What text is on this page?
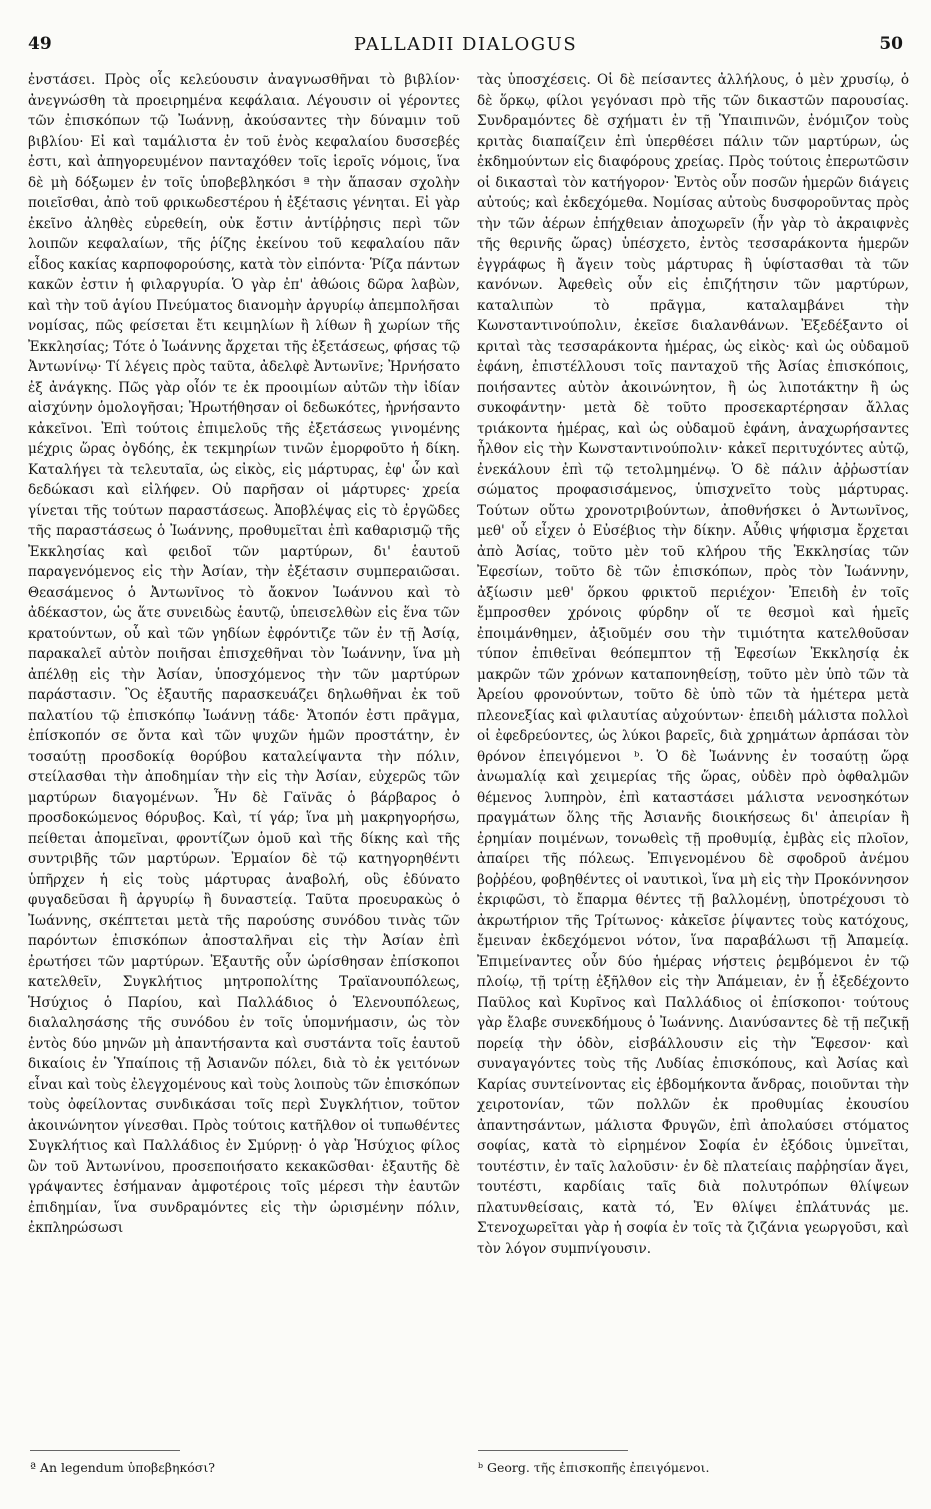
49	PALLADII DIALOGUS	50

ἐνστάσει. Πρὸς οἷς κελεύουσιν ἀναγνωσθῆναι τὸ βιβλίον· ἀνεγνώσθη τὰ προειρημένα κεφάλαια. Λέγουσιν οἱ γέροντες τῶν ἐπισκόπων τῷ Ἰωάννῃ, ἀκούσαντες τὴν δύναμιν τοῦ βιβλίου· Εἰ καὶ ταμάλιστα ἐν τοῦ ἑνὸς κεφαλαίου δυσσεβές ἐστι, καὶ ἀπηγορευμένον πανταχόθεν τοῖς ἱεροῖς νόμοις, ἵνα δὲ μὴ δόξωμεν ἐν τοῖς ὑποβεβληκόσι ª τὴν ἅπασαν σχολὴν ποιεῖσθαι, ἀπὸ τοῦ φρικωδεστέρου ἡ ἐξέτασις γένηται. Εἰ γὰρ ἐκεῖνο ἀληθὲς εὑρεθείη, οὐκ ἔστιν ἀντίῤῥησις περὶ τῶν λοιπῶν κεφαλαίων, τῆς ῥίζης ἐκείνου τοῦ κεφαλαίου πᾶν εἶδος κακίας καρποφορούσης, κατὰ τὸν εἰπόντα· Ῥίζα πάντων κακῶν ἐστιν ἡ φιλαργυρία. Ὁ γὰρ ἐπ' ἀθώοις δῶρα λαβὼν, καὶ τὴν τοῦ ἁγίου Πνεύματος διανομὴν ἀργυρίῳ ἀπεμπολῆσαι νομίσας, πῶς φείσεται ἔτι κειμηλίων ἢ λίθων ἢ χωρίων τῆς Ἐκκλησίας; Τότε ὁ Ἰωάννης ἄρχεται τῆς ἐξετάσεως, φήσας τῷ Ἀντωνίνῳ· Τί λέγεις πρὸς ταῦτα, ἀδελφὲ Ἀντωνῖνε; Ἠρνήσατο ἐξ ἀνάγκης. Πῶς γὰρ οἷόν τε ἐκ προοιμίων αὐτῶν τὴν ἰδίαν αἰσχύνην ὁμολογῆσαι; Ἠρωτήθησαν οἱ δεδωκότες, ἠρνήσαντο κἀκεῖνοι. Ἐπὶ τούτοις ἐπιμελοῦς τῆς ἐξετάσεως γινομένης μέχρις ὥρας ὀγδόης, ἐκ τεκμηρίων τινῶν ἐμορφοῦτο ἡ δίκη. Καταλήγει τὰ τελευταῖα, ὡς εἰκὸς, εἰς μάρτυρας, ἐφ' ὧν καὶ δεδώκασι καὶ εἰλήφεν. Οὐ παρῆσαν οἱ μάρτυρες· χρεία γίνεται τῆς τούτων παραστάσεως. Ἀποβλέψας εἰς τὸ ἐργῶδες τῆς παραστάσεως ὁ Ἰωάννης, προθυμεῖται ἐπὶ καθαρισμῷ τῆς Ἐκκλησίας καὶ φειδοῖ τῶν μαρτύρων, δι' ἑαυτοῦ παραγενόμενος εἰς τὴν Ἀσίαν, τὴν ἐξέτασιν συμπεραιῶσαι. Θεασάμενος ὁ Ἀντωνῖνος τὸ ἄοκνον Ἰωάννου καὶ τὸ ἀδέκαστον, ὡς ἅτε συνειδὼς ἑαυτῷ, ὑπεισελθὼν εἰς ἕνα τῶν κρατούντων, οὗ καὶ τῶν γηδίων ἐφρόντιζε τῶν ἐν τῇ Ἀσίᾳ, παρακαλεῖ αὐτὸν ποιῆσαι ἐπισχεθῆναι τὸν Ἰωάννην, ἵνα μὴ ἀπέλθῃ εἰς τὴν Ἀσίαν, ὑποσχόμενος τὴν τῶν μαρτύρων παράστασιν. Ὃς ἐξαυτῆς παρασκευάζει δηλωθῆναι ἐκ τοῦ παλατίου τῷ ἐπισκόπῳ Ἰωάννῃ τάδε· Ἄτοπόν ἐστι πρᾶγμα, ἐπίσκοπόν σε ὄντα καὶ τῶν ψυχῶν ἡμῶν προστάτην, ἐν τοσαύτῃ προσδοκίᾳ θορύβου καταλείψαντα τὴν πόλιν, στείλασθαι τὴν ἀποδημίαν τὴν εἰς τὴν Ἀσίαν, εὐχερῶς τῶν μαρτύρων διαγομένων. Ἦν δὲ Γαϊνᾶς ὁ βάρβαρος ὁ προσδοκώμενος θόρυβος. Καὶ, τί γάρ; ἵνα μὴ μακρηγορήσω, πείθεται ἀπομεῖναι, φροντίζων ὁμοῦ καὶ τῆς δίκης καὶ τῆς συντριβῆς τῶν μαρτύρων. Ἐρμαίον δὲ τῷ κατηγορηθέντι ὑπῆρχεν ἡ εἰς τοὺς μάρτυρας ἀναβολή, οὓς ἐδύνατο φυγαδεῦσαι ἢ ἀργυρίῳ ἢ δυναστείᾳ. Ταῦτα προευρακὼς ὁ Ἰωάννης, σκέπτεται μετὰ τῆς παρούσης συνόδου τινὰς τῶν παρόντων ἐπισκόπων ἀποσταλῆναι εἰς τὴν Ἀσίαν ἐπὶ ἐρωτήσει τῶν μαρτύρων. Ἐξαυτῆς οὖν ὡρίσθησαν ἐπίσκοποι κατελθεῖν, Συγκλήτιος μητροπολίτης Τραϊανουπόλεως, Ἡσύχιος ὁ Παρίου, καὶ Παλλάδιος ὁ Ἑλενουπόλεως, διαλαλησάσης τῆς συνόδου ἐν τοῖς ὑπομνήμασιν, ὡς τὸν ἐντὸς δύο μηνῶν μὴ ἀπαντήσαντα καὶ συστάντα τοῖς ἑαυτοῦ δικαίοις ἐν Ὑπαίποις τῇ Ἀσιανῶν πόλει, διὰ τὸ ἐκ γειτόνων εἶναι καὶ τοὺς ἐλεγχομένους καὶ τοὺς λοιποὺς τῶν ἐπισκόπων τοὺς ὀφείλοντας συνδικάσαι τοῖς περὶ Συγκλήτιον, τοῦτον ἀκοινώνητον γίνεσθαι. Πρὸς τούτοις κατῆλθον οἱ τυπωθέντες Συγκλήτιος καὶ Παλλάδιος ἐν Σμύρνῃ· ὁ γὰρ Ἡσύχιος φίλος ὢν τοῦ Ἀντωνίνου, προσεποιήσατο κεκακῶσθαι· ἐξαυτῆς δὲ γράψαντες ἐσήμαναν ἀμφοτέροις τοῖς μέρεσι τὴν ἑαυτῶν ἐπιδημίαν, ἵνα συνδραμόντες εἰς τὴν ὡρισμένην πόλιν, ἐκπληρώσωσι

τὰς ὑποσχέσεις. Οἱ δὲ πείσαντες ἀλλήλους, ὁ μὲν χρυσίῳ, ὁ δὲ ὅρκῳ, φίλοι γεγόνασι πρὸ τῆς τῶν δικαστῶν παρουσίας. Συνδραμόντες δὲ σχήματι ἐν τῇ Ὑπαιπινῶν, ἐνόμιζον τοὺς κριτὰς διαπαίζειν ἐπὶ ὑπερθέσει πάλιν τῶν μαρτύρων, ὡς ἐκδημούντων εἰς διαφόρους χρείας. Πρὸς τούτοις ἐπερωτῶσιν οἱ δικασταὶ τὸν κατήγορον· Ἐντὸς οὖν ποσῶν ἡμερῶν διάγεις αὐτούς; καὶ ἐκδεχόμεθα. Νομίσας αὐτοὺς δυσφοροῦντας πρὸς τὴν τῶν ἀέρων ἐπήχθειαν ἀποχωρεῖν (ἦν γὰρ τὸ ἀκραιφνὲς τῆς θερινῆς ὥρας) ὑπέσχετο, ἐντὸς τεσσαράκοντα ἡμερῶν ἐγγράφως ἢ ἄγειν τοὺς μάρτυρας ἢ ὑφίστασθαι τὰ τῶν κανόνων. Ἀφεθεὶς οὖν εἰς ἐπιζήτησιν τῶν μαρτύρων, καταλιπὼν τὸ πρᾶγμα, καταλαμβάνει τὴν Κωνσταντινούπολιν, ἐκεῖσε διαλανθάνων. Ἐξεδέξαντο οἱ κριταὶ τὰς τεσσαράκοντα ἡμέρας, ὡς εἰκὸς· καὶ ὡς οὐδαμοῦ ἐφάνη, ἐπιστέλλουσι τοῖς πανταχοῦ τῆς Ἀσίας ἐπισκόποις, ποιήσαντες αὐτὸν ἀκοινώνητον, ἢ ὡς λιποτάκτην ἢ ὡς συκοφάντην· μετὰ δὲ τοῦτο προσεκαρτέρησαν ἄλλας τριάκοντα ἡμέρας, καὶ ὡς οὐδαμοῦ ἐφάνη, ἀναχωρήσαντες ἦλθον εἰς τὴν Κωνσταντινούπολιν· κἀκεῖ περιτυχόντες αὐτῷ, ἐνεκάλουν ἐπὶ τῷ τετολμημένῳ. Ὁ δὲ πάλιν ἀῤῥωστίαν σώματος προφασισάμενος, ὑπισχνεῖτο τοὺς μάρτυρας. Τούτων οὕτω χρονοτριβούντων, ἀποθνήσκει ὁ Ἀντωνῖνος, μεθ' οὗ εἶχεν ὁ Εὐσέβιος τὴν δίκην. Αὖθις ψήφισμα ἔρχεται ἀπὸ Ἀσίας, τοῦτο μὲν τοῦ κλήρου τῆς Ἐκκλησίας τῶν Ἐφεσίων, τοῦτο δὲ τῶν ἐπισκόπων, πρὸς τὸν Ἰωάννην, ἀξίωσιν μεθ' ὅρκου φρικτοῦ περιέχον· Ἐπειδὴ ἐν τοῖς ἔμπροσθεν χρόνοις φύρδην οἵ τε θεσμοὶ καὶ ἡμεῖς ἐποιμάνθημεν, ἀξιοῦμέν σου τὴν τιμιότητα κατελθοῦσαν τύπον ἐπιθεῖναι θεόπεμπτον τῇ Ἐφεσίων Ἐκκλησίᾳ ἐκ μακρῶν τῶν χρόνων καταπονηθείσῃ, τοῦτο μὲν ὑπὸ τῶν τὰ Ἀρείου φρονούντων, τοῦτο δὲ ὑπὸ τῶν τὰ ἡμέτερα μετὰ πλεονεξίας καὶ φιλαυτίας αὐχούντων· ἐπειδὴ μάλιστα πολλοὶ οἱ ἐφεδρεύοντες, ὡς λύκοι βαρεῖς, διὰ χρημάτων ἁρπάσαι τὸν θρόνον ἐπειγόμενοι ᵇ. Ὁ δὲ Ἰωάννης ἐν τοσαύτῃ ὥρᾳ ἀνωμαλίᾳ καὶ χειμερίας τῆς ὥρας, οὐδὲν πρὸ ὀφθαλμῶν θέμενος λυπηρὸν, ἐπὶ καταστάσει μάλιστα νενοσηκότων πραγμάτων ὅλης τῆς Ἀσιανῆς διοικήσεως δι' ἀπειρίαν ἢ ἐρημίαν ποιμένων, τονωθεὶς τῇ προθυμίᾳ, ἐμβὰς εἰς πλοῖον, ἀπαίρει τῆς πόλεως. Ἐπιγενομένου δὲ σφοδροῦ ἀνέμου βοῤῥέου, φοβηθέντες οἱ ναυτικοὶ, ἵνα μὴ εἰς τὴν Προκόννησον ἐκριφῶσι, τὸ ἔπαρμα θέντες τῇ βαλλομένῃ, ὑποτρέχουσι τὸ ἀκρωτήριον τῆς Τρίτωνος· κἀκεῖσε ῥίψαντες τοὺς κατόχους, ἔμειναν ἐκδεχόμενοι νότον, ἵνα παραβάλωσι τῇ Ἀπαμείᾳ. Ἐπιμείναντες οὖν δύο ἡμέρας νήστεις ῥεμβόμενοι ἐν τῷ πλοίῳ, τῇ τρίτῃ ἐξῆλθον εἰς τὴν Ἀπάμειαν, ἐν ᾗ ἐξεδέχοντο Παῦλος καὶ Κυρῖνος καὶ Παλλάδιος οἱ ἐπίσκοποι· τούτους γὰρ ἔλαβε συνεκδήμους ὁ Ἰωάννης. Διανύσαντες δὲ τῇ πεζικῇ πορείᾳ τὴν ὁδὸν, εἰσβάλλουσιν εἰς τὴν Ἔφεσον· καὶ συναγαγόντες τοὺς τῆς Λυδίας ἐπισκόπους, καὶ Ἀσίας καὶ Καρίας συντείνοντας εἰς ἑβδομήκοντα ἄνδρας, ποιοῦνται τὴν χειροτονίαν, τῶν πολλῶν ἐκ προθυμίας ἐκουσίου ἀπαντησάντων, μάλιστα Φρυγῶν, ἐπὶ ἀπολαύσει στόματος σοφίας, κατὰ τὸ εἰρημένον Σοφία ἐν ἐξόδοις ὑμνεῖται, τουτέστιν, ἐν ταῖς λαλοῦσιν· ἐν δὲ πλατείαις παῤῥησίαν ἄγει, τουτέστι, καρδίαις ταῖς διὰ πολυτρόπων θλίψεων πλατυνθείσαις, κατὰ τό, Ἐν θλίψει ἐπλάτυνάς με. Στενοχωρεῖται γὰρ ἡ σοφία ἐν τοῖς τὰ ζιζάνια γεωργοῦσι, καὶ τὸν λόγον συμπνίγουσιν.

ª An legendum ὑποβεβηκόσι?	ᵇ Georg. τῆς ἐπισκοπῆς ἐπειγόμενοι.
